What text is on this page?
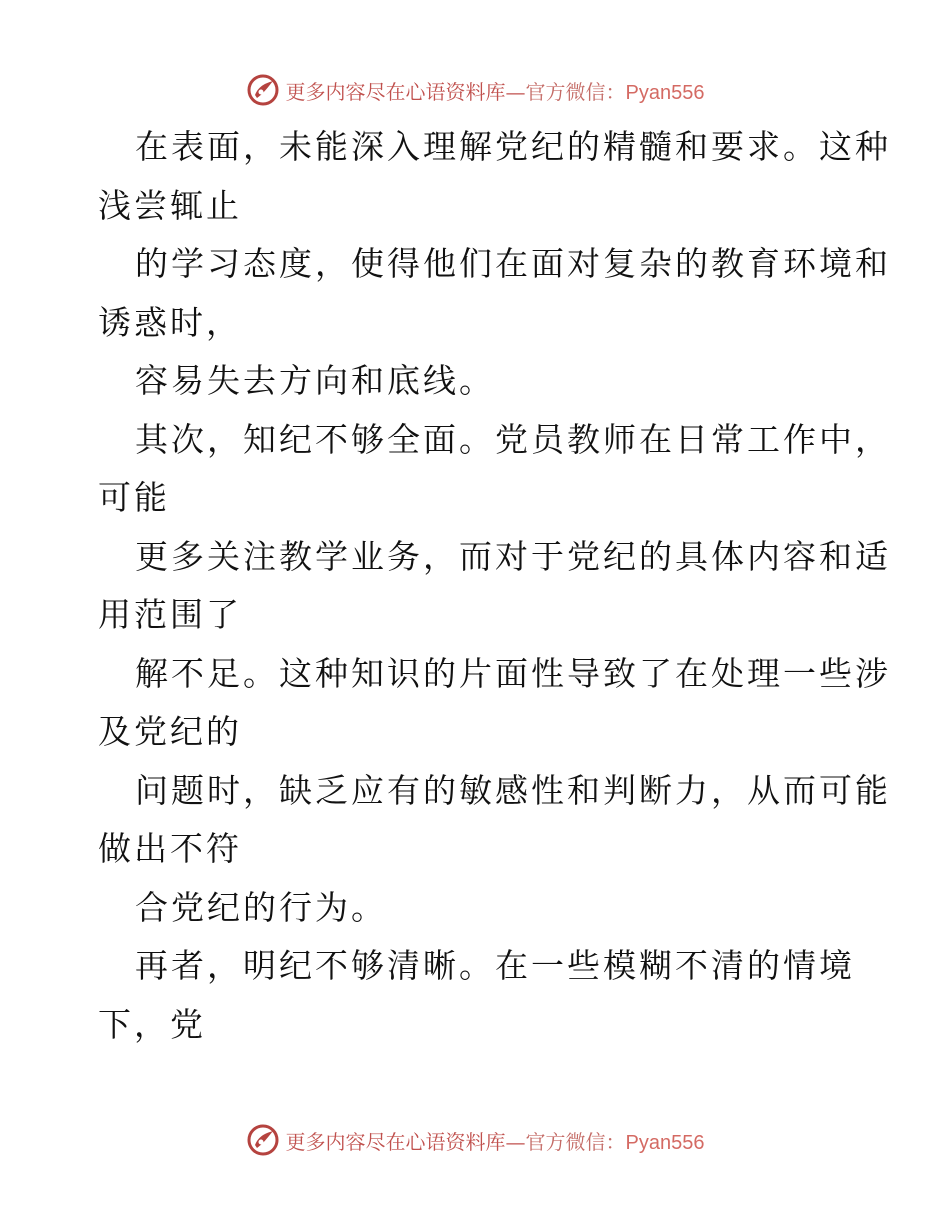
更多内容尽在心语资料库—官方微信：Pyan556
在表面，未能深入理解党纪的精髓和要求。这种
浅尝辄止
的学习态度，使得他们在面对复杂的教育环境和
诱惑时，
容易失去方向和底线。
其次，知纪不够全面。党员教师在日常工作中，
可能
更多关注教学业务，而对于党纪的具体内容和适
用范围了
解不足。这种知识的片面性导致了在处理一些涉
及党纪的
问题时，缺乏应有的敏感性和判断力，从而可能
做出不符
合党纪的行为。
再者，明纪不够清晰。在一些模糊不清的情境
下，党
更多内容尽在心语资料库—官方微信：Pyan556
